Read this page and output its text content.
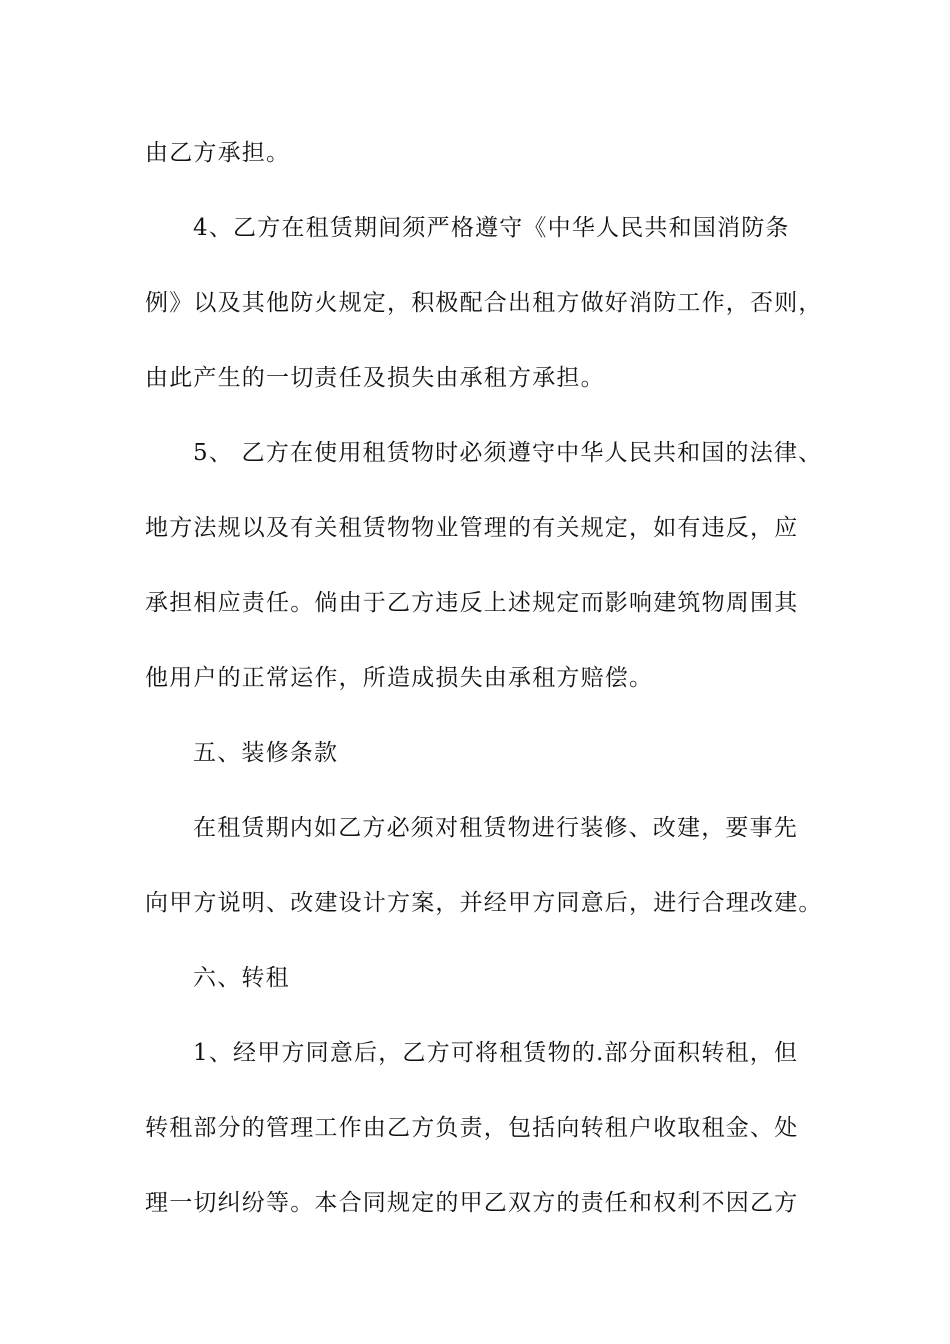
由乙方承担。
4、乙方在租赁期间须严格遵守《中华人民共和国消防条
例》以及其他防火规定，积极配合出租方做好消防工作，否则，
由此产生的一切责任及损失由承租方承担。
5、 乙方在使用租赁物时必须遵守中华人民共和国的法律、
地方法规以及有关租赁物物业管理的有关规定，如有违反，应
承担相应责任。倘由于乙方违反上述规定而影响建筑物周围其
他用户的正常运作，所造成损失由承租方赔偿。
五、装修条款
在租赁期内如乙方必须对租赁物进行装修、改建，要事先
向甲方说明、改建设计方案，并经甲方同意后，进行合理改建。
六、转租
1、经甲方同意后，乙方可将租赁物的.部分面积转租，但
转租部分的管理工作由乙方负责，包括向转租户收取租金、处
理一切纠纷等。本合同规定的甲乙双方的责任和权利不因乙方
